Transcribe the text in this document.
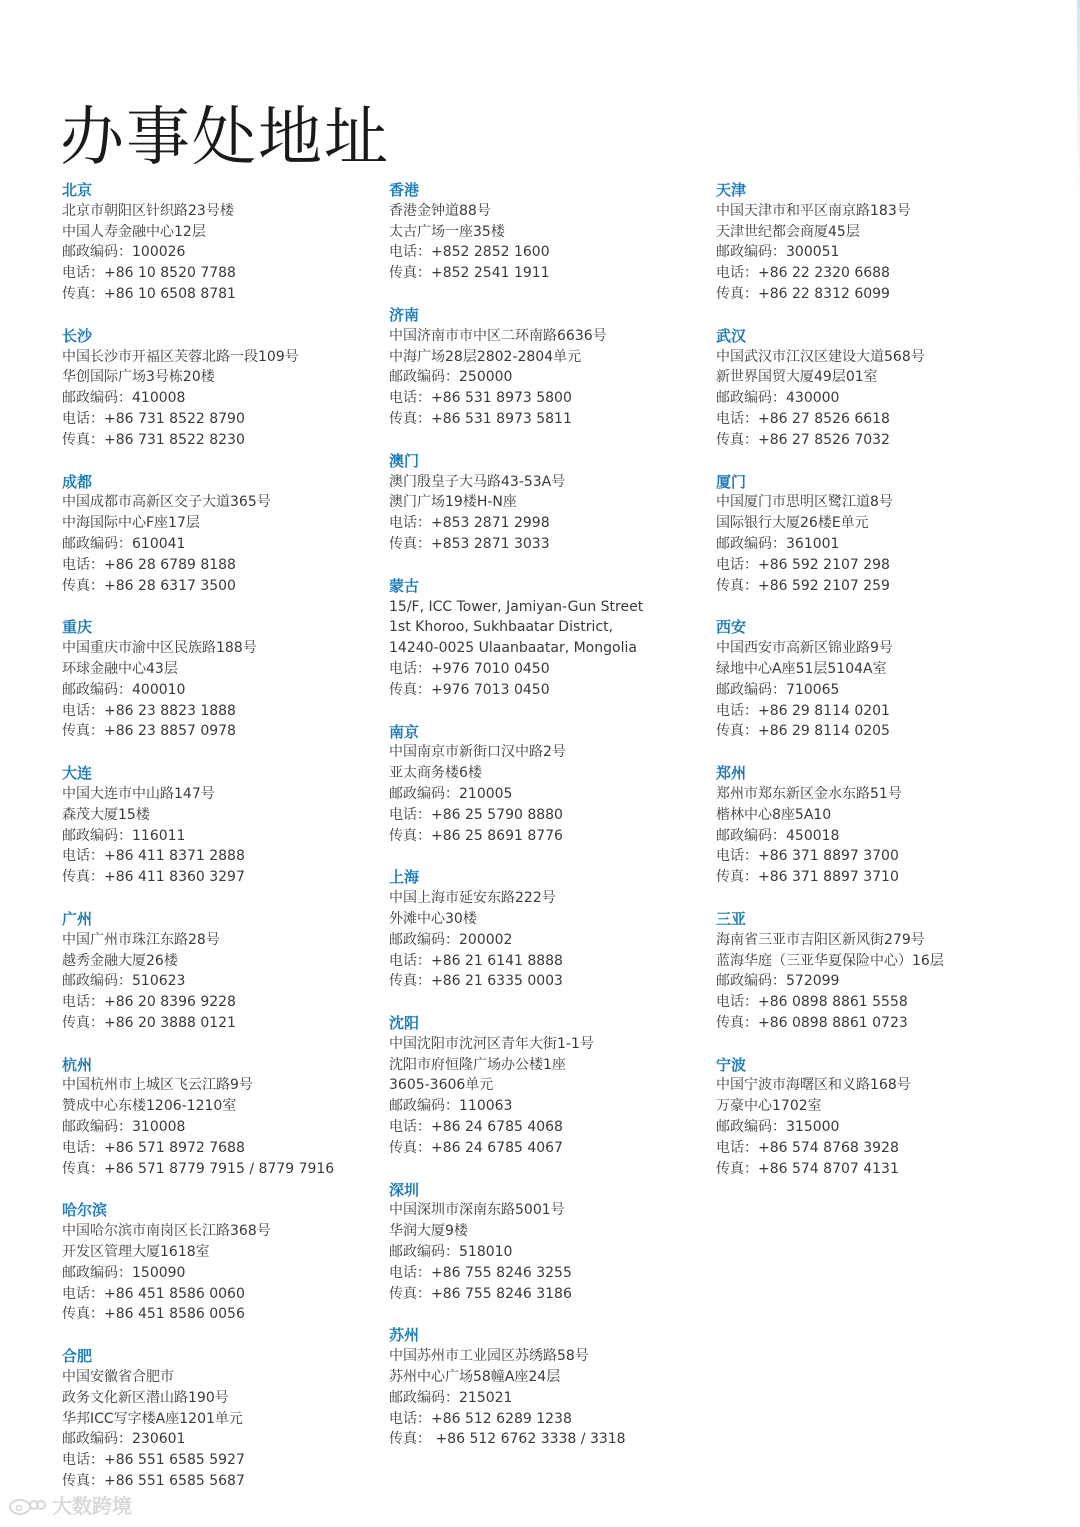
办事处地址
北京
北京市朝阳区针织路23号楼
中国人寿金融中心12层
邮政编码：100026
电话：+86 10 8520 7788
传真：+86 10 6508 8781
长沙
中国长沙市开福区芙蓉北路一段109号
华创国际广场3号栋20楼
邮政编码：410008
电话：+86 731 8522 8790
传真：+86 731 8522 8230
成都
中国成都市高新区交子大道365号
中海国际中心F座17层
邮政编码：610041
电话：+86 28 6789 8188
传真：+86 28 6317 3500
重庆
中国重庆市渝中区民族路188号
环球金融中心43层
邮政编码：400010
电话：+86 23 8823 1888
传真：+86 23 8857 0978
大连
中国大连市中山路147号
森茂大厦15楼
邮政编码：116011
电话：+86 411 8371 2888
传真：+86 411 8360 3297
广州
中国广州市珠江东路28号
越秀金融大厦26楼
邮政编码：510623
电话：+86 20 8396 9228
传真：+86 20 3888 0121
杭州
中国杭州市上城区飞云江路9号
赞成中心东楼1206-1210室
邮政编码：310008
电话：+86 571 8972 7688
传真：+86 571 8779 7915 / 8779 7916
哈尔滨
中国哈尔滨市南岗区长江路368号
开发区管理大厦1618室
邮政编码：150090
电话：+86 451 8586 0060
传真：+86 451 8586 0056
合肥
中国安徽省合肥市
政务文化新区潜山路190号
华邦ICC写字楼A座1201单元
邮政编码：230601
电话：+86 551 6585 5927
传真：+86 551 6585 5687
香港
香港金钟道88号
太古广场一座35楼
电话：+852 2852 1600
传真：+852 2541 1911
济南
中国济南市市中区二环南路6636号
中海广场28层2802-2804单元
邮政编码：250000
电话：+86 531 8973 5800
传真：+86 531 8973 5811
澳门
澳门殷皇子大马路43-53A号
澳门广场19楼H-N座
电话：+853 2871 2998
传真：+853 2871 3033
蒙古
15/F, ICC Tower, Jamiyan-Gun Street
1st Khoroo, Sukhbaatar District,
14240-0025 Ulaanbaatar, Mongolia
电话：+976 7010 0450
传真：+976 7013 0450
南京
中国南京市新街口汉中路2号
亚太商务楼6楼
邮政编码：210005
电话：+86 25 5790 8880
传真：+86 25 8691 8776
上海
中国上海市延安东路222号
外滩中心30楼
邮政编码：200002
电话：+86 21 6141 8888
传真：+86 21 6335 0003
沈阳
中国沈阳市沈河区青年大街1-1号
沈阳市府恒隆广场办公楼1座
3605-3606单元
邮政编码：110063
电话：+86 24 6785 4068
传真：+86 24 6785 4067
深圳
中国深圳市深南东路5001号
华润大厦9楼
邮政编码：518010
电话：+86 755 8246 3255
传真：+86 755 8246 3186
苏州
中国苏州市工业园区苏绣路58号
苏州中心广场58幢A座24层
邮政编码：215021
电话：+86 512 6289 1238
传真： +86 512 6762 3338 / 3318
天津
中国天津市和平区南京路183号
天津世纪都会商厦45层
邮政编码：300051
电话：+86 22 2320 6688
传真：+86 22 8312 6099
武汉
中国武汉市江汉区建设大道568号
新世界国贸大厦49层01室
邮政编码：430000
电话：+86 27 8526 6618
传真：+86 27 8526 7032
厦门
中国厦门市思明区鹭江道8号
国际银行大厦26楼E单元
邮政编码：361001
电话：+86 592 2107 298
传真：+86 592 2107 259
西安
中国西安市高新区锦业路9号
绿地中心A座51层5104A室
邮政编码：710065
电话：+86 29 8114 0201
传真：+86 29 8114 0205
郑州
郑州市郑东新区金水东路51号
楷林中心8座5A10
邮政编码：450018
电话：+86 371 8897 3700
传真：+86 371 8897 3710
三亚
海南省三亚市吉阳区新风街279号
蓝海华庭（三亚华夏保险中心）16层
邮政编码：572099
电话：+86 0898 8861 5558
传真：+86 0898 8861 0723
宁波
中国宁波市海曙区和义路168号
万豪中心1702室
邮政编码：315000
电话：+86 574 8768 3928
传真：+86 574 8707 4131
大数跨境
